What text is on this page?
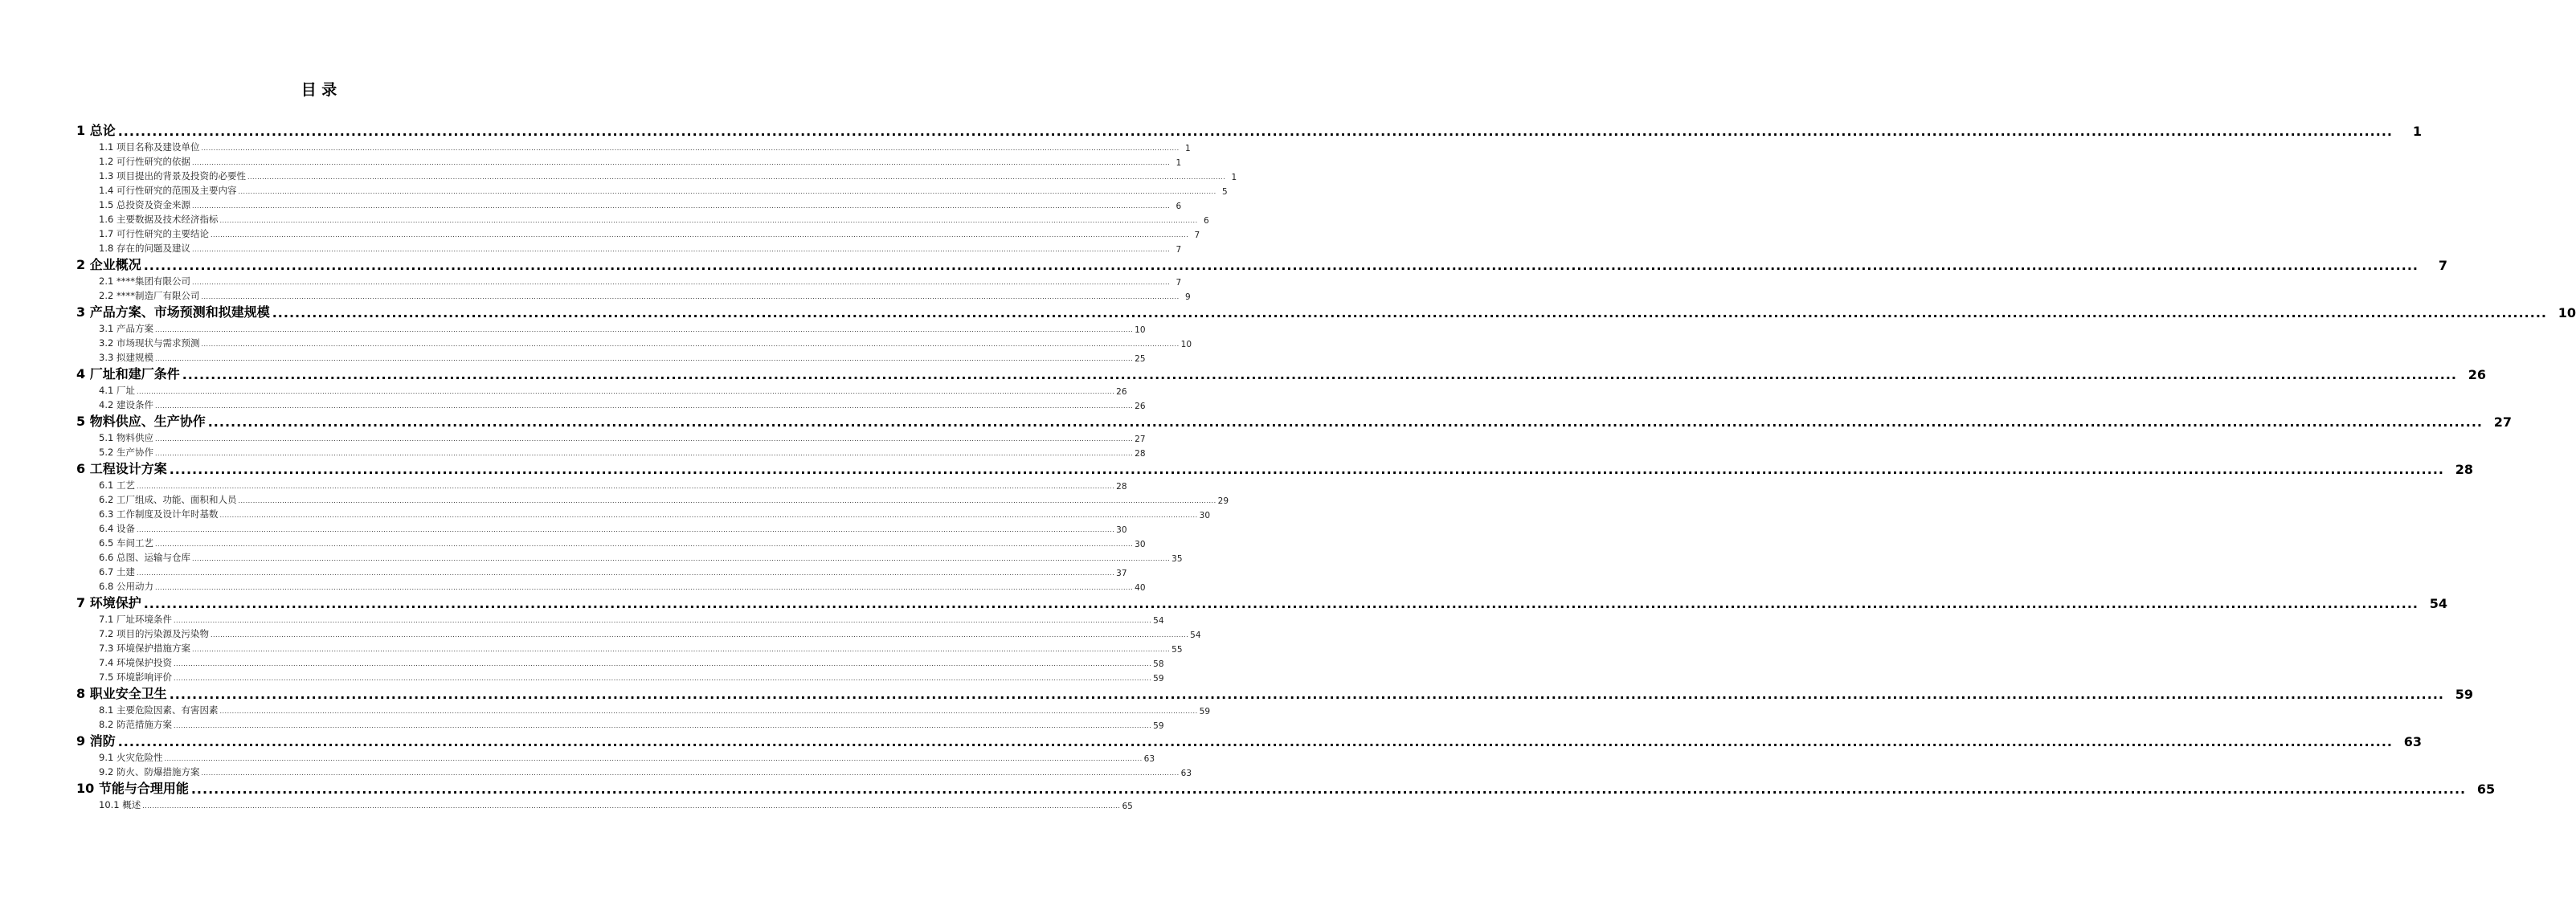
目 录
1 总论 ................................................................................................................................................................................................................................................................................................................................................................................................................	1
1.1 项目名称及建设单位 ................................................................................................................................................................................................................................................................................................................................................................................................................ 1
1.2 可行性研究的依据 ................................................................................................................................................................................................................................................................................................................................................................................................................ 1
1.3 项目提出的背景及投资的必要性 ................................................................................................................................................................................................................................................................................................................................................................................................................ 1
1.4 可行性研究的范围及主要内容 ................................................................................................................................................................................................................................................................................................................................................................................................................ 5
1.5 总投资及资金来源 ................................................................................................................................................................................................................................................................................................................................................................................................................ 6
1.6 主要数据及技术经济指标 ................................................................................................................................................................................................................................................................................................................................................................................................................ 6
1.7 可行性研究的主要结论 ................................................................................................................................................................................................................................................................................................................................................................................................................ 7
1.8 存在的问题及建议 ................................................................................................................................................................................................................................................................................................................................................................................................................ 7
2 企业概况 ................................................................................................................................................................................................................................................................................................................................................................................................................	7
2.1 ****集团有限公司 ................................................................................................................................................................................................................................................................................................................................................................................................................ 7
2.2 ****制造厂有限公司 ................................................................................................................................................................................................................................................................................................................................................................................................................ 9
3 产品方案、市场预测和拟建规模 ................................................................................................................................................................................................................................................................................................................................................................................................................ 10
3.1 产品方案 ................................................................................................................................................................................................................................................................................................................................................................................................................ 10
3.2 市场现状与需求预测 ................................................................................................................................................................................................................................................................................................................................................................................................................ 10
3.3 拟建规模 ................................................................................................................................................................................................................................................................................................................................................................................................................ 25
4 厂址和建厂条件 ................................................................................................................................................................................................................................................................................................................................................................................................................ 26
4.1 厂址 ................................................................................................................................................................................................................................................................................................................................................................................................................ 26
4.2 建设条件 ................................................................................................................................................................................................................................................................................................................................................................................................................ 26
5 物料供应、生产协作 ................................................................................................................................................................................................................................................................................................................................................................................................................ 27
5.1 物料供应 ................................................................................................................................................................................................................................................................................................................................................................................................................ 27
5.2 生产协作 ................................................................................................................................................................................................................................................................................................................................................................................................................ 28
6 工程设计方案 ................................................................................................................................................................................................................................................................................................................................................................................................................ 28
6.1 工艺 ................................................................................................................................................................................................................................................................................................................................................................................................................ 28
6.2 工厂组成、功能、面积和人员 ................................................................................................................................................................................................................................................................................................................................................................................................................ 29
6.3 工作制度及设计年时基数 ................................................................................................................................................................................................................................................................................................................................................................................................................ 30
6.4 设备 ................................................................................................................................................................................................................................................................................................................................................................................................................ 30
6.5 车间工艺 ................................................................................................................................................................................................................................................................................................................................................................................................................ 30
6.6 总图、运输与仓库 ................................................................................................................................................................................................................................................................................................................................................................................................................ 35
6.7 土建 ................................................................................................................................................................................................................................................................................................................................................................................................................ 37
6.8 公用动力 ................................................................................................................................................................................................................................................................................................................................................................................................................ 40
7 环境保护 ................................................................................................................................................................................................................................................................................................................................................................................................................ 54
7.1 厂址环境条件 ................................................................................................................................................................................................................................................................................................................................................................................................................ 54
7.2 项目的污染源及污染物 ................................................................................................................................................................................................................................................................................................................................................................................................................ 54
7.3 环境保护措施方案 ................................................................................................................................................................................................................................................................................................................................................................................................................ 55
7.4 环境保护投资 ................................................................................................................................................................................................................................................................................................................................................................................................................ 58
7.5 环境影响评价 ................................................................................................................................................................................................................................................................................................................................................................................................................ 59
8 职业安全卫生 ................................................................................................................................................................................................................................................................................................................................................................................................................ 59
8.1 主要危险因素、有害因素 ................................................................................................................................................................................................................................................................................................................................................................................................................ 59
8.2 防范措施方案 ................................................................................................................................................................................................................................................................................................................................................................................................................ 59
9 消防 ................................................................................................................................................................................................................................................................................................................................................................................................................ 63
9.1 火灾危险性 ................................................................................................................................................................................................................................................................................................................................................................................................................ 63
9.2 防火、防爆措施方案 ................................................................................................................................................................................................................................................................................................................................................................................................................ 63
10 节能与合理用能 ................................................................................................................................................................................................................................................................................................................................................................................................................ 65
10.1 概述 ................................................................................................................................................................................................................................................................................................................................................................................................................ 65
